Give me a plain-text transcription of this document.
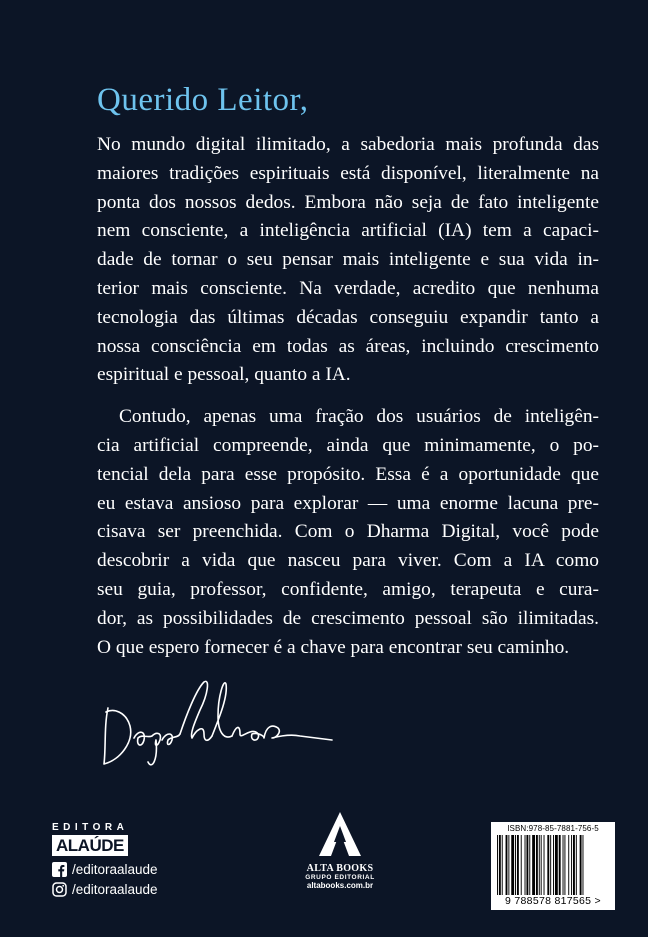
Querido Leitor,
No mundo digital ilimitado, a sabedoria mais profunda das
maiores tradições espirituais está disponível, literalmente na
ponta dos nossos dedos. Embora não seja de fato inteligente
nem consciente, a inteligência artificial (IA) tem a capaci-
dade de tornar o seu pensar mais inteligente e sua vida in-
terior mais consciente. Na verdade, acredito que nenhuma
tecnologia das últimas décadas conseguiu expandir tanto a
nossa consciência em todas as áreas, incluindo crescimento
espiritual e pessoal, quanto a IA.
Contudo, apenas uma fração dos usuários de inteligên-
cia artificial compreende, ainda que minimamente, o po-
tencial dela para esse propósito. Essa é a oportunidade que
eu estava ansioso para explorar — uma enorme lacuna pre-
cisava ser preenchida. Com o Dharma Digital, você pode
descobrir a vida que nasceu para viver. Com a IA como
seu guia, professor, confidente, amigo, terapeuta e cura-
dor, as possibilidades de crescimento pessoal são ilimitadas.
O que espero fornecer é a chave para encontrar seu caminho.
EDITORA
ALAÚDE
/editoraalaude
/editoraalaude
ALTA BOOKS
GRUPO EDITORIAL
altabooks.com.br
ISBN:978-85-7881-756-5
9 788578 817565 >
